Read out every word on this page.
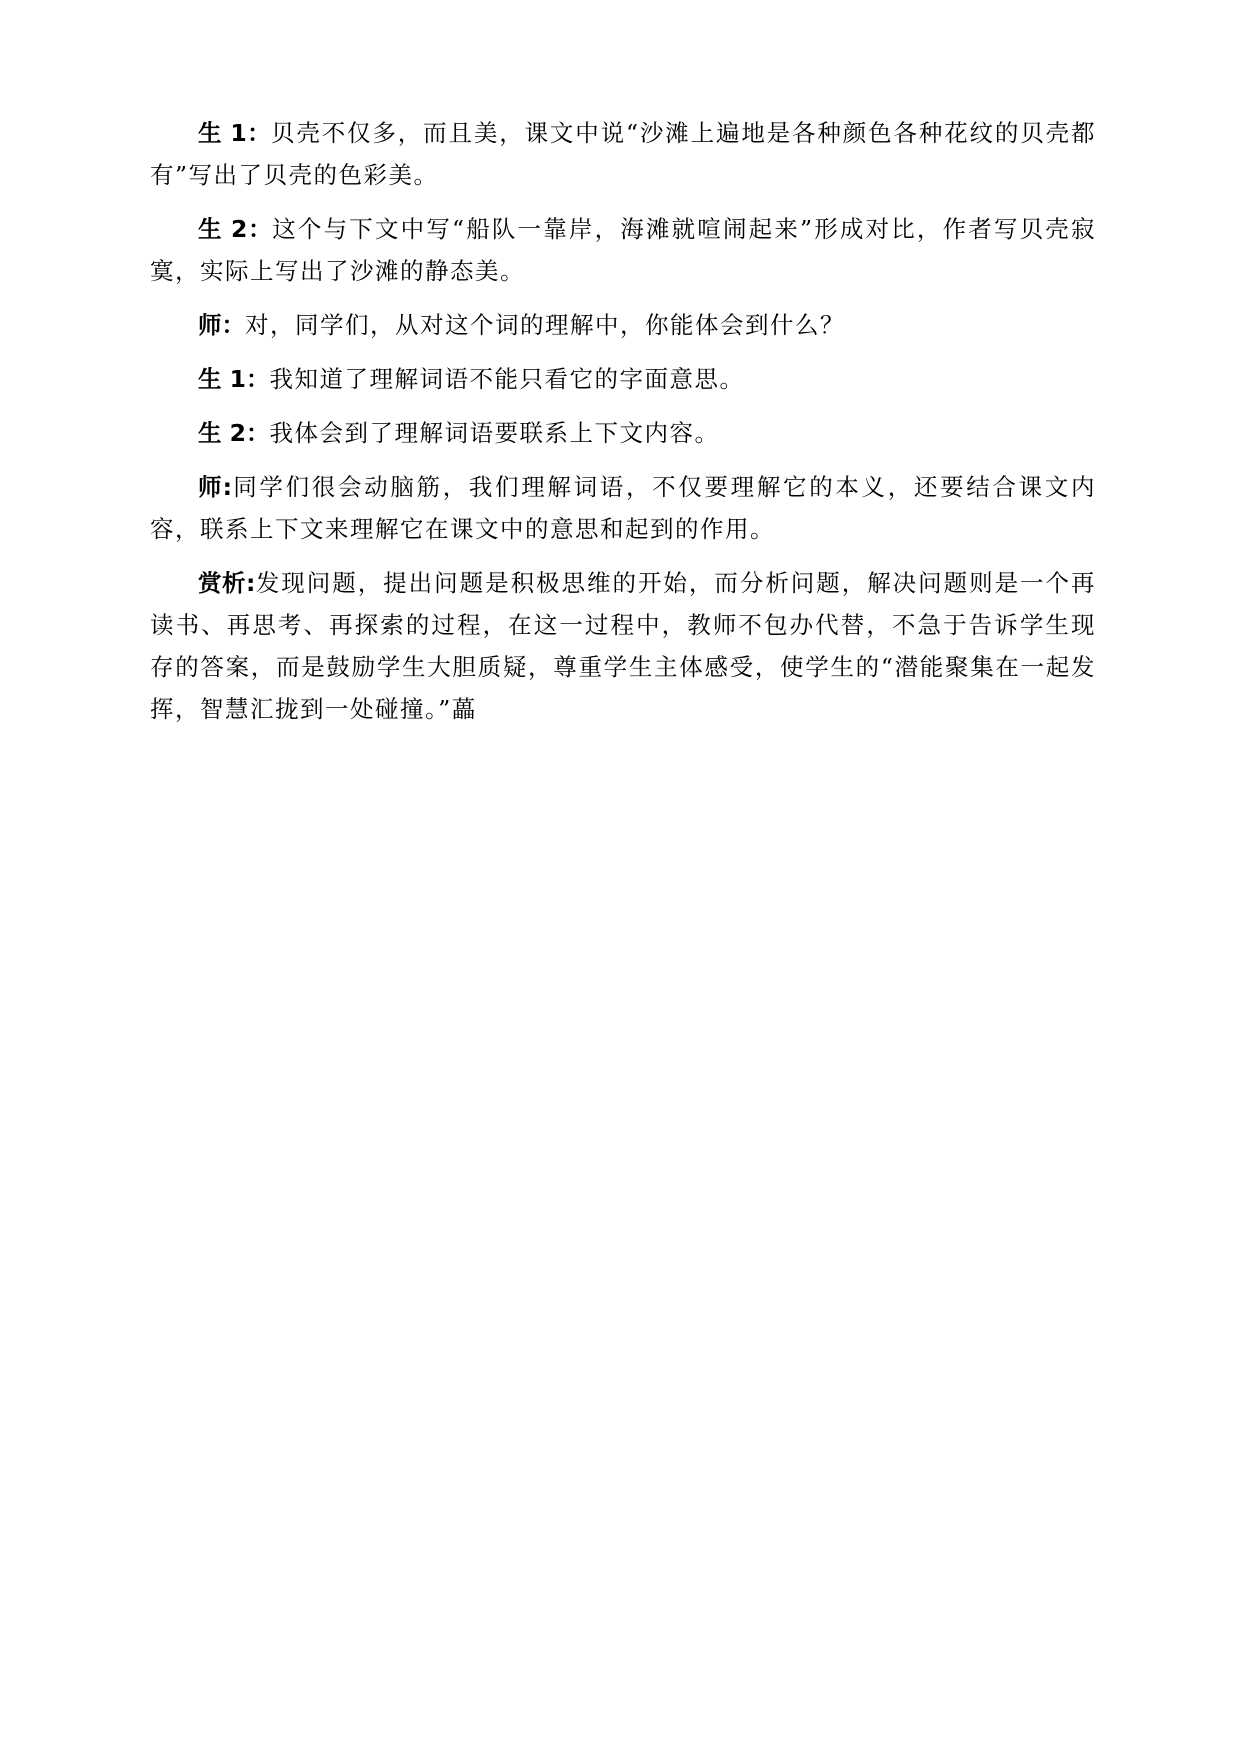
生 1：贝壳不仅多，而且美，课文中说“沙滩上遍地是各种颜色各种花纹的贝壳都有”写出了贝壳的色彩美。

生 2：这个与下文中写“船队一靠岸，海滩就喧闹起来”形成对比，作者写贝壳寂寞，实际上写出了沙滩的静态美。

师：对，同学们，从对这个词的理解中，你能体会到什么？

生 1：我知道了理解词语不能只看它的字面意思。

生 2：我体会到了理解词语要联系上下文内容。

师:同学们很会动脑筋，我们理解词语，不仅要理解它的本义，还要结合课文内容，联系上下文来理解它在课文中的意思和起到的作用。

赏析:发现问题，提出问题是积极思维的开始，而分析问题，解决问题则是一个再读书、再思考、再探索的过程，在这一过程中，教师不包办代替，不急于告诉学生现存的答案，而是鼓励学生大胆质疑，尊重学生主体感受，使学生的“潜能聚集在一起发挥，智慧汇拢到一处碰撞。”藟
